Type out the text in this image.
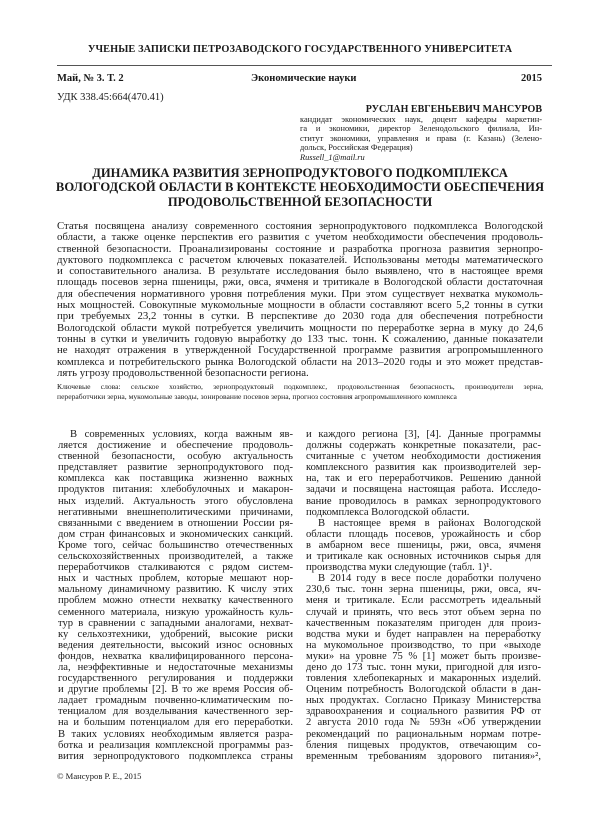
УЧЕНЫЕ ЗАПИСКИ ПЕТРОЗАВОДСКОГО ГОСУДАРСТВЕННОГО УНИВЕРСИТЕТА
Май, № 3. Т. 2	Экономические науки	2015
УДК 338.45:664(470.41)
РУСЛАН ЕВГЕНЬЕВИЧ МАНСУРОВ
кандидат экономических наук, доцент кафедры маркетин-
га и экономики, директор Зеленодольского филиала, Ин-
ститут экономики, управления и права (г. Казань) (Зелено-
дольск, Российская Федерация)
Russell_1@mail.ru
ДИНАМИКА РАЗВИТИЯ ЗЕРНОПРОДУКТОВОГО ПОДКОМПЛЕКСА
ВОЛОГОДСКОЙ ОБЛАСТИ В КОНТЕКСТЕ НЕОБХОДИМОСТИ ОБЕСПЕЧЕНИЯ
ПРОДОВОЛЬСТВЕННОЙ БЕЗОПАСНОСТИ
Статья посвящена анализу современного состояния зернопродуктового подкомплекса Вологодской
области, а также оценке перспектив его развития с учетом необходимости обеспечения продоволь-
ственной безопасности. Проанализированы состояние и разработка прогноза развития зернопро-
дуктового подкомплекса с расчетом ключевых показателей. Использованы методы математического
и сопоставительного анализа. В результате исследования было выявлено, что в настоящее время
площадь посевов зерна пшеницы, ржи, овса, ячменя и тритикале в Вологодской области достаточная
для обеспечения нормативного уровня потребления муки. При этом существует нехватка мукомоль-
ных мощностей. Совокупные мукомольные мощности в области составляют всего 5,2 тонны в сутки
при требуемых 23,2 тонны в сутки. В перспективе до 2030 года для обеспечения потребности
Вологодской области мукой потребуется увеличить мощности по переработке зерна в муку до 24,6
тонны в сутки и увеличить годовую выработку до 133 тыс. тонн. К сожалению, данные показатели
не находят отражения в утвержденной Государственной программе развития агропромышленного
комплекса и потребительского рынка Вологодской области на 2013–2020 годы и это может представ-
лять угрозу продовольственной безопасности региона.
Ключевые слова: сельское хозяйство, зернопродуктовый подкомплекс, продовольственная безопасность, производители зерна,
переработчики зерна, мукомольные заводы, зонирование посевов зерна, прогноз состояния агропромышленного комплекса
В современных условиях, когда важным яв-
ляется достижение и обеспечение продоволь-
ственной безопасности, особую актуальность
представляет развитие зернопродуктового под-
комплекса как поставщика жизненно важных
продуктов питания: хлебобулочных и макарон-
ных изделий. Актуальность этого обусловлена
негативными внешнеполитическими причинами,
связанными с введением в отношении России ря-
дом стран финансовых и экономических санкций.
Кроме того, сейчас большинство отечественных
сельскохозяйственных производителей, а также
переработчиков сталкиваются с рядом систем-
ных и частных проблем, которые мешают нор-
мальному динамичному развитию. К числу этих
проблем можно отнести нехватку качественного
семенного материала, низкую урожайность куль-
тур в сравнении с западными аналогами, нехват-
ку сельхозтехники, удобрений, высокие риски
ведения деятельности, высокий износ основных
фондов, нехватка квалифицированного персона-
ла, неэффективные и недостаточные механизмы
государственного регулирования и поддержки
и другие проблемы [2]. В то же время Россия об-
ладает громадным почвенно-климатическим по-
тенциалом для возделывания качественного зер-
на и большим потенциалом для его переработки.
В таких условиях необходимым является разра-
ботка и реализация комплексной программы раз-
вития зернопродуктового подкомплекса страны
и каждого региона [3], [4]. Данные программы
должны содержать конкретные показатели, рас-
считанные с учетом необходимости достижения
комплексного развития как производителей зер-
на, так и его переработчиков. Решению данной
задачи и посвящена настоящая работа. Исследо-
вание проводилось в рамках зернопродуктового
подкомплекса Вологодской области.
В настоящее время в районах Вологодской
области площадь посевов, урожайность и сбор
в амбарном весе пшеницы, ржи, овса, ячменя
и тритикале как основных источников сырья для
производства муки следующие (табл. 1)¹.
В 2014 году в весе после доработки получено
230,6 тыс. тонн зерна пшеницы, ржи, овса, яч-
меня и тритикале. Если рассмотреть идеальный
случай и принять, что весь этот объем зерна по
качественным показателям пригоден для произ-
водства муки и будет направлен на переработку
на мукомольное производство, то при «выходе
муки» на уровне 75 % [1] может быть произве-
дено до 173 тыс. тонн муки, пригодной для изго-
товления хлебопекарных и макаронных изделий.
Оценим потребность Вологодской области в дан-
ных продуктах. Согласно Приказу Министерства
здравоохранения и социального развития РФ от
2 августа 2010 года № 593н «Об утверждении
рекомендаций по рациональным нормам потре-
бления пищевых продуктов, отвечающим со-
временным требованиям здорового питания»²,
© Мансуров Р. Е., 2015
